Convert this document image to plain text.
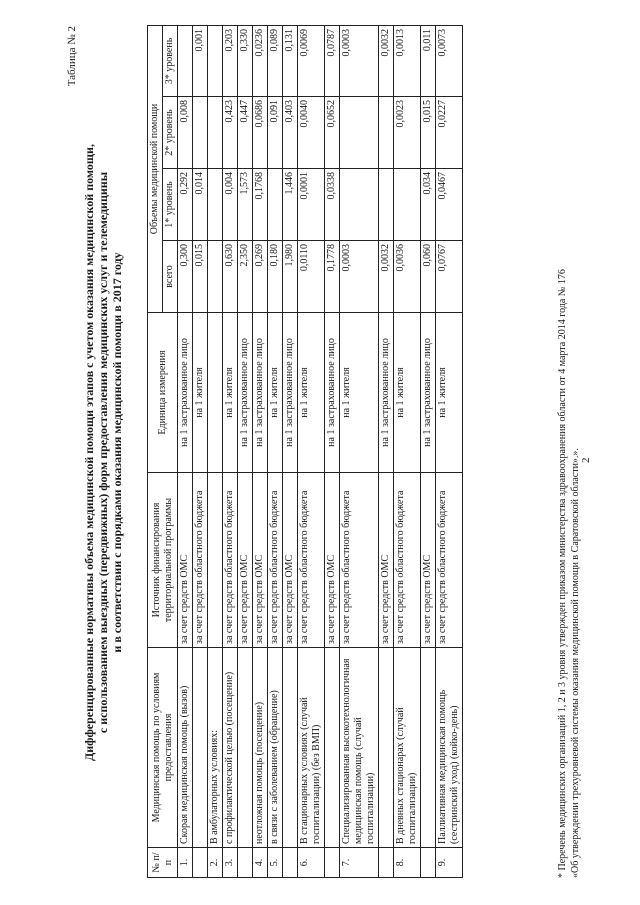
2
Таблица № 2
Дифференцированные нормативы объема медицинской помощи этапов с учетом оказания медицинской помощи, с использованием выездных (передвижных) форм предоставления медицинских услуг и телемедицины и в соответствии с порядками оказания медицинской помощи в 2017 году
№ п/п	Медицинская помощь по условиям предоставления	Источник финансирования территориальной программы	Единица измерения	Объемы медицинской помощи			
				всего	1* уровень	2* уровень	3* уровень
1.	Скорая медицинская помощь (вызов)	за счет средств ОМС	на 1 застрахованное лицо	0,300	0,292	0,008	
		за счет средств областного бюджета	на 1 жителя	0,015	0,014		0,001
2.	В амбулаторных условиях:						
3.	с профилактической целью (посещение)	за счет средств областного бюджета	на 1 жителя	0,630	0,004	0,423	0,203
		за счет средств ОМС	на 1 застрахованное лицо	2,350	1,573	0,447	0,330
4.	неотложная помощь (посещение)	за счет средств ОМС	на 1 застрахованное лицо	0,269	0,1768	0,0686	0,0236
5.	в связи с заболеванием (обращение)	за счет средств областного бюджета	на 1 жителя	0,180		0,091	0,089
		за счет средств ОМС	на 1 застрахованное лицо	1,980	1,446	0,403	0,131
6.	В стационарных условиях (случай госпитализации) (без ВМП)	за счет средств областного бюджета	на 1 жителя	0,0110	0,0001	0,0040	0,0069
		за счет средств ОМС	на 1 застрахованное лицо	0,1778	0,0338	0,0652	0,0787
7.	Специализированная высокотехнологичная медицинская помощь (случай госпитализации)	за счет средств областного бюджета	на 1 жителя	0,0003			0,0003
		за счет средств ОМС	на 1 застрахованное лицо	0,0032			0,0032
8.	В дневных стационарах (случай госпитализации)	за счет средств областного бюджета	на 1 жителя	0,0036		0,0023	0,0013
		за счет средств ОМС	на 1 застрахованное лицо	0,060	0,034	0,015	0,011
9.	Паллиативная медицинская помощь (сестринский уход) (койко-день)	за счет средств областного бюджета	на 1 жителя	0,0767	0,0467	0,0227	0,0073
* Перечень медицинских организаций 1, 2 и 3 уровня утвержден приказом министерства здравоохранения области от 4 марта 2014 года № 176 «Об утверждении трехуровневой системы оказания медицинской помощи в Саратовской области».».
